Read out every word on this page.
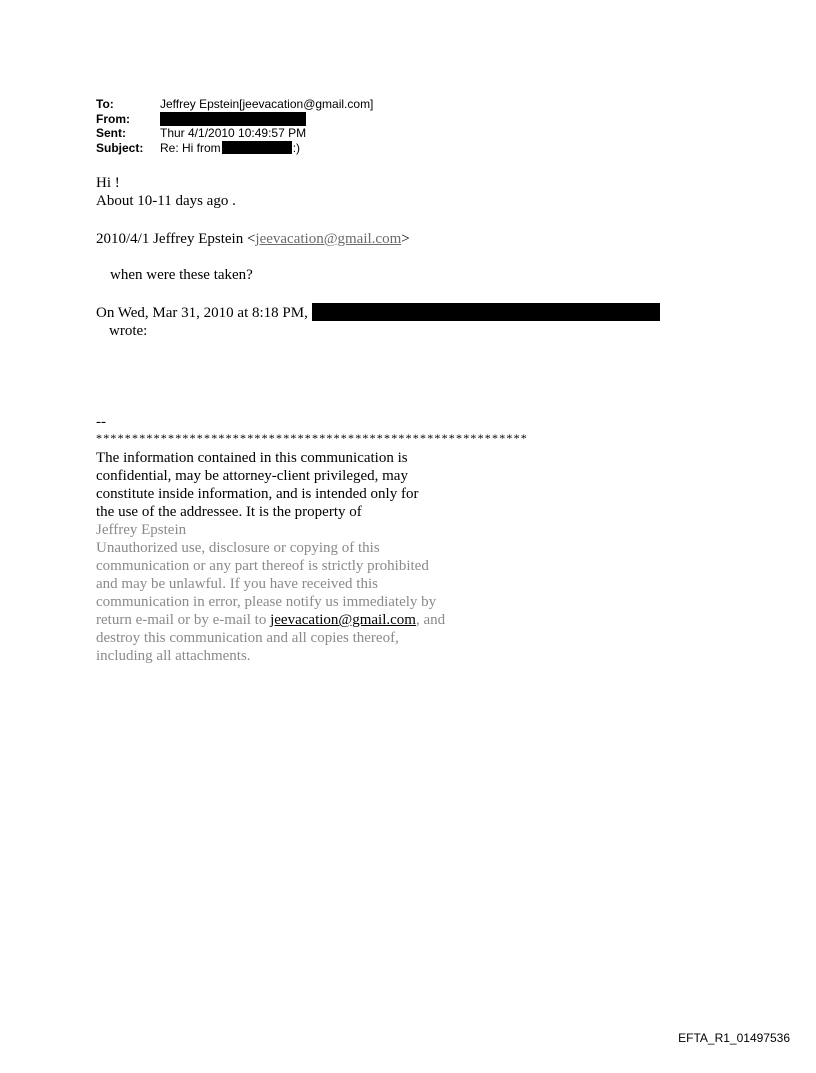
To:	Jeffrey Epstein[jeevacation@gmail.com]
From:
Sent:	Thur 4/1/2010 10:49:57 PM
Subject:	Re: Hi from	:)
Hi !
About 10-11 days ago .
2010/4/1 Jeffrey Epstein <jeevacation@gmail.com>
when were these taken?
On Wed, Mar 31, 2010 at 8:18 PM,
wrote:
--
************************************************************
The information contained in this communication is
confidential, may be attorney-client privileged, may
constitute inside information, and is intended only for
the use of the addressee. It is the property of
Jeffrey Epstein
Unauthorized use, disclosure or copying of this
communication or any part thereof is strictly prohibited
and may be unlawful. If you have received this
communication in error, please notify us immediately by
return e-mail or by e-mail to jeevacation@gmail.com, and
destroy this communication and all copies thereof,
including all attachments.
EFTA_R1_01497536
